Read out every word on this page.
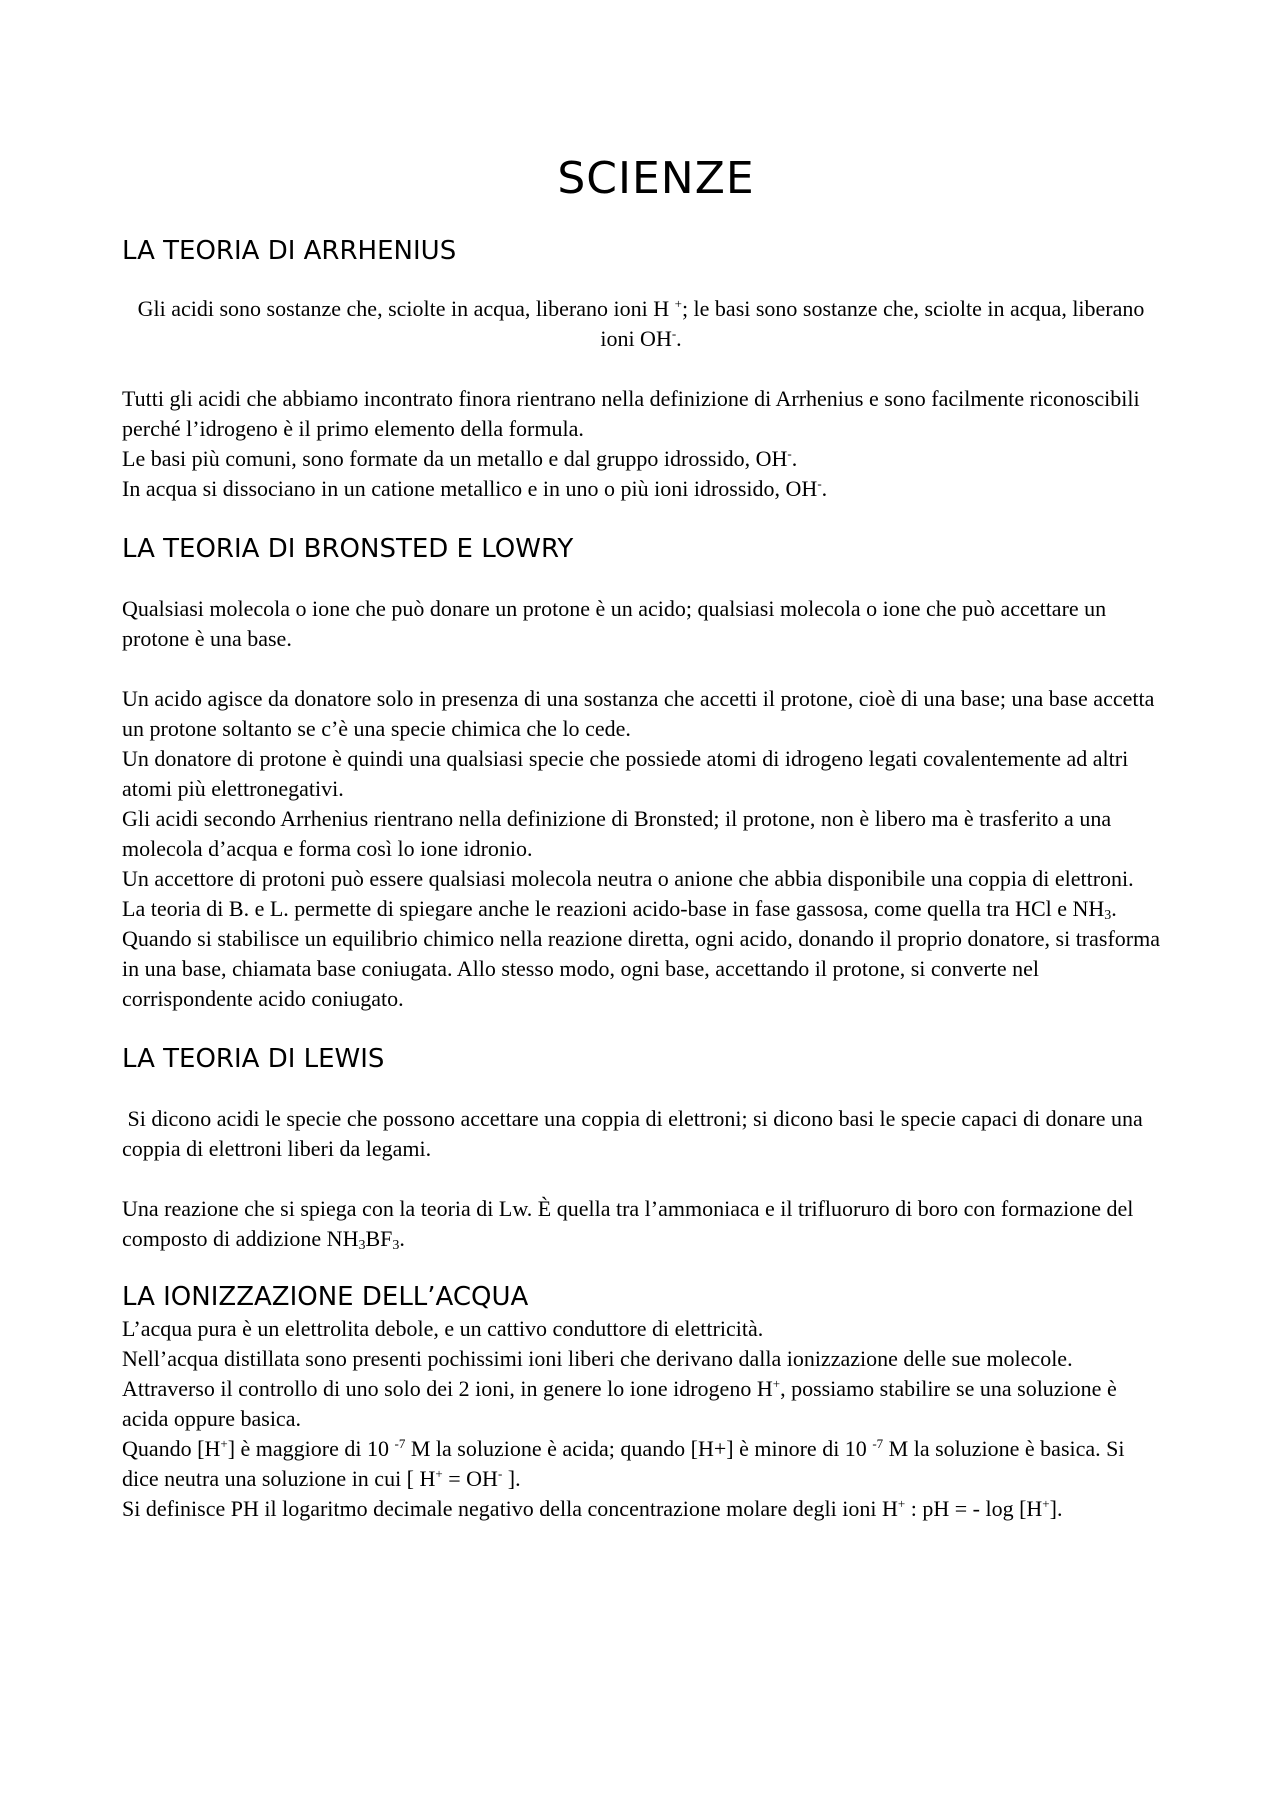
SCIENZE
LA TEORIA DI ARRHENIUS

Gli acidi sono sostanze che, sciolte in acqua, liberano ioni H +; le basi sono sostanze che, sciolte in acqua, liberano ioni OH-.

Tutti gli acidi che abbiamo incontrato finora rientrano nella definizione di Arrhenius e sono facilmente riconoscibili perché l’idrogeno è il primo elemento della formula.

Le basi più comuni, sono formate da un metallo e dal gruppo idrossido, OH-.

In acqua si dissociano in un catione metallico e in uno o più ioni idrossido, OH-.

LA TEORIA DI BRONSTED E LOWRY

Qualsiasi molecola o ione che può donare un protone è un acido; qualsiasi molecola o ione che può accettare un protone è una base.

Un acido agisce da donatore solo in presenza di una sostanza che accetti il protone, cioè di una base; una base accetta un protone soltanto se c’è una specie chimica che lo cede.

Un donatore di protone è quindi una qualsiasi specie che possiede atomi di idrogeno legati covalentemente ad altri atomi più elettronegativi.

Gli acidi secondo Arrhenius rientrano nella definizione di Bronsted; il protone, non è libero ma è trasferito a una molecola d’acqua e forma così lo ione idronio.

Un accettore di protoni può essere qualsiasi molecola neutra o anione che abbia disponibile una coppia di elettroni.

La teoria di B. e L. permette di spiegare anche le reazioni acido-base in fase gassosa, come quella tra HCl e $NH_3$.

Quando si stabilisce un equilibrio chimico nella reazione diretta, ogni acido, donando il proprio donatore, si trasforma in una base, chiamata base coniugata. Allo stesso modo, ogni base, accettando il protone, si converte nel corrispondente acido coniugato.

LA TEORIA DI LEWIS

Si dicono acidi le specie che possono accettare una coppia di elettroni; si dicono basi le specie capaci di donare una coppia di elettroni liberi da legami.

Una reazione che si spiega con la teoria di Lw. È quella tra l’ammoniaca e il trifluoruro di boro con formazione del composto di addizione $NH_3BF_3$.

LA IONIZZAZIONE DELL’ACQUA

L’acqua pura è un elettrolita debole, e un cattivo conduttore di elettricità.

Nell’acqua distillata sono presenti pochissimi ioni liberi che derivano dalla ionizzazione delle sue molecole.

Attraverso il controllo di uno solo dei 2 ioni, in genere lo ione idrogeno H+, possiamo stabilire se una soluzione è acida oppure basica.

Quando [H+] è maggiore di 10 $^{-7}$ M la soluzione è acida; quando [H+] è minore di 10 $^{-7}$ M la soluzione è basica. Si dice neutra una soluzione in cui [ H+ = OH- ].

Si definisce PH il logaritmo decimale negativo della concentrazione molare degli ioni H+ : pH = - log [H+].
